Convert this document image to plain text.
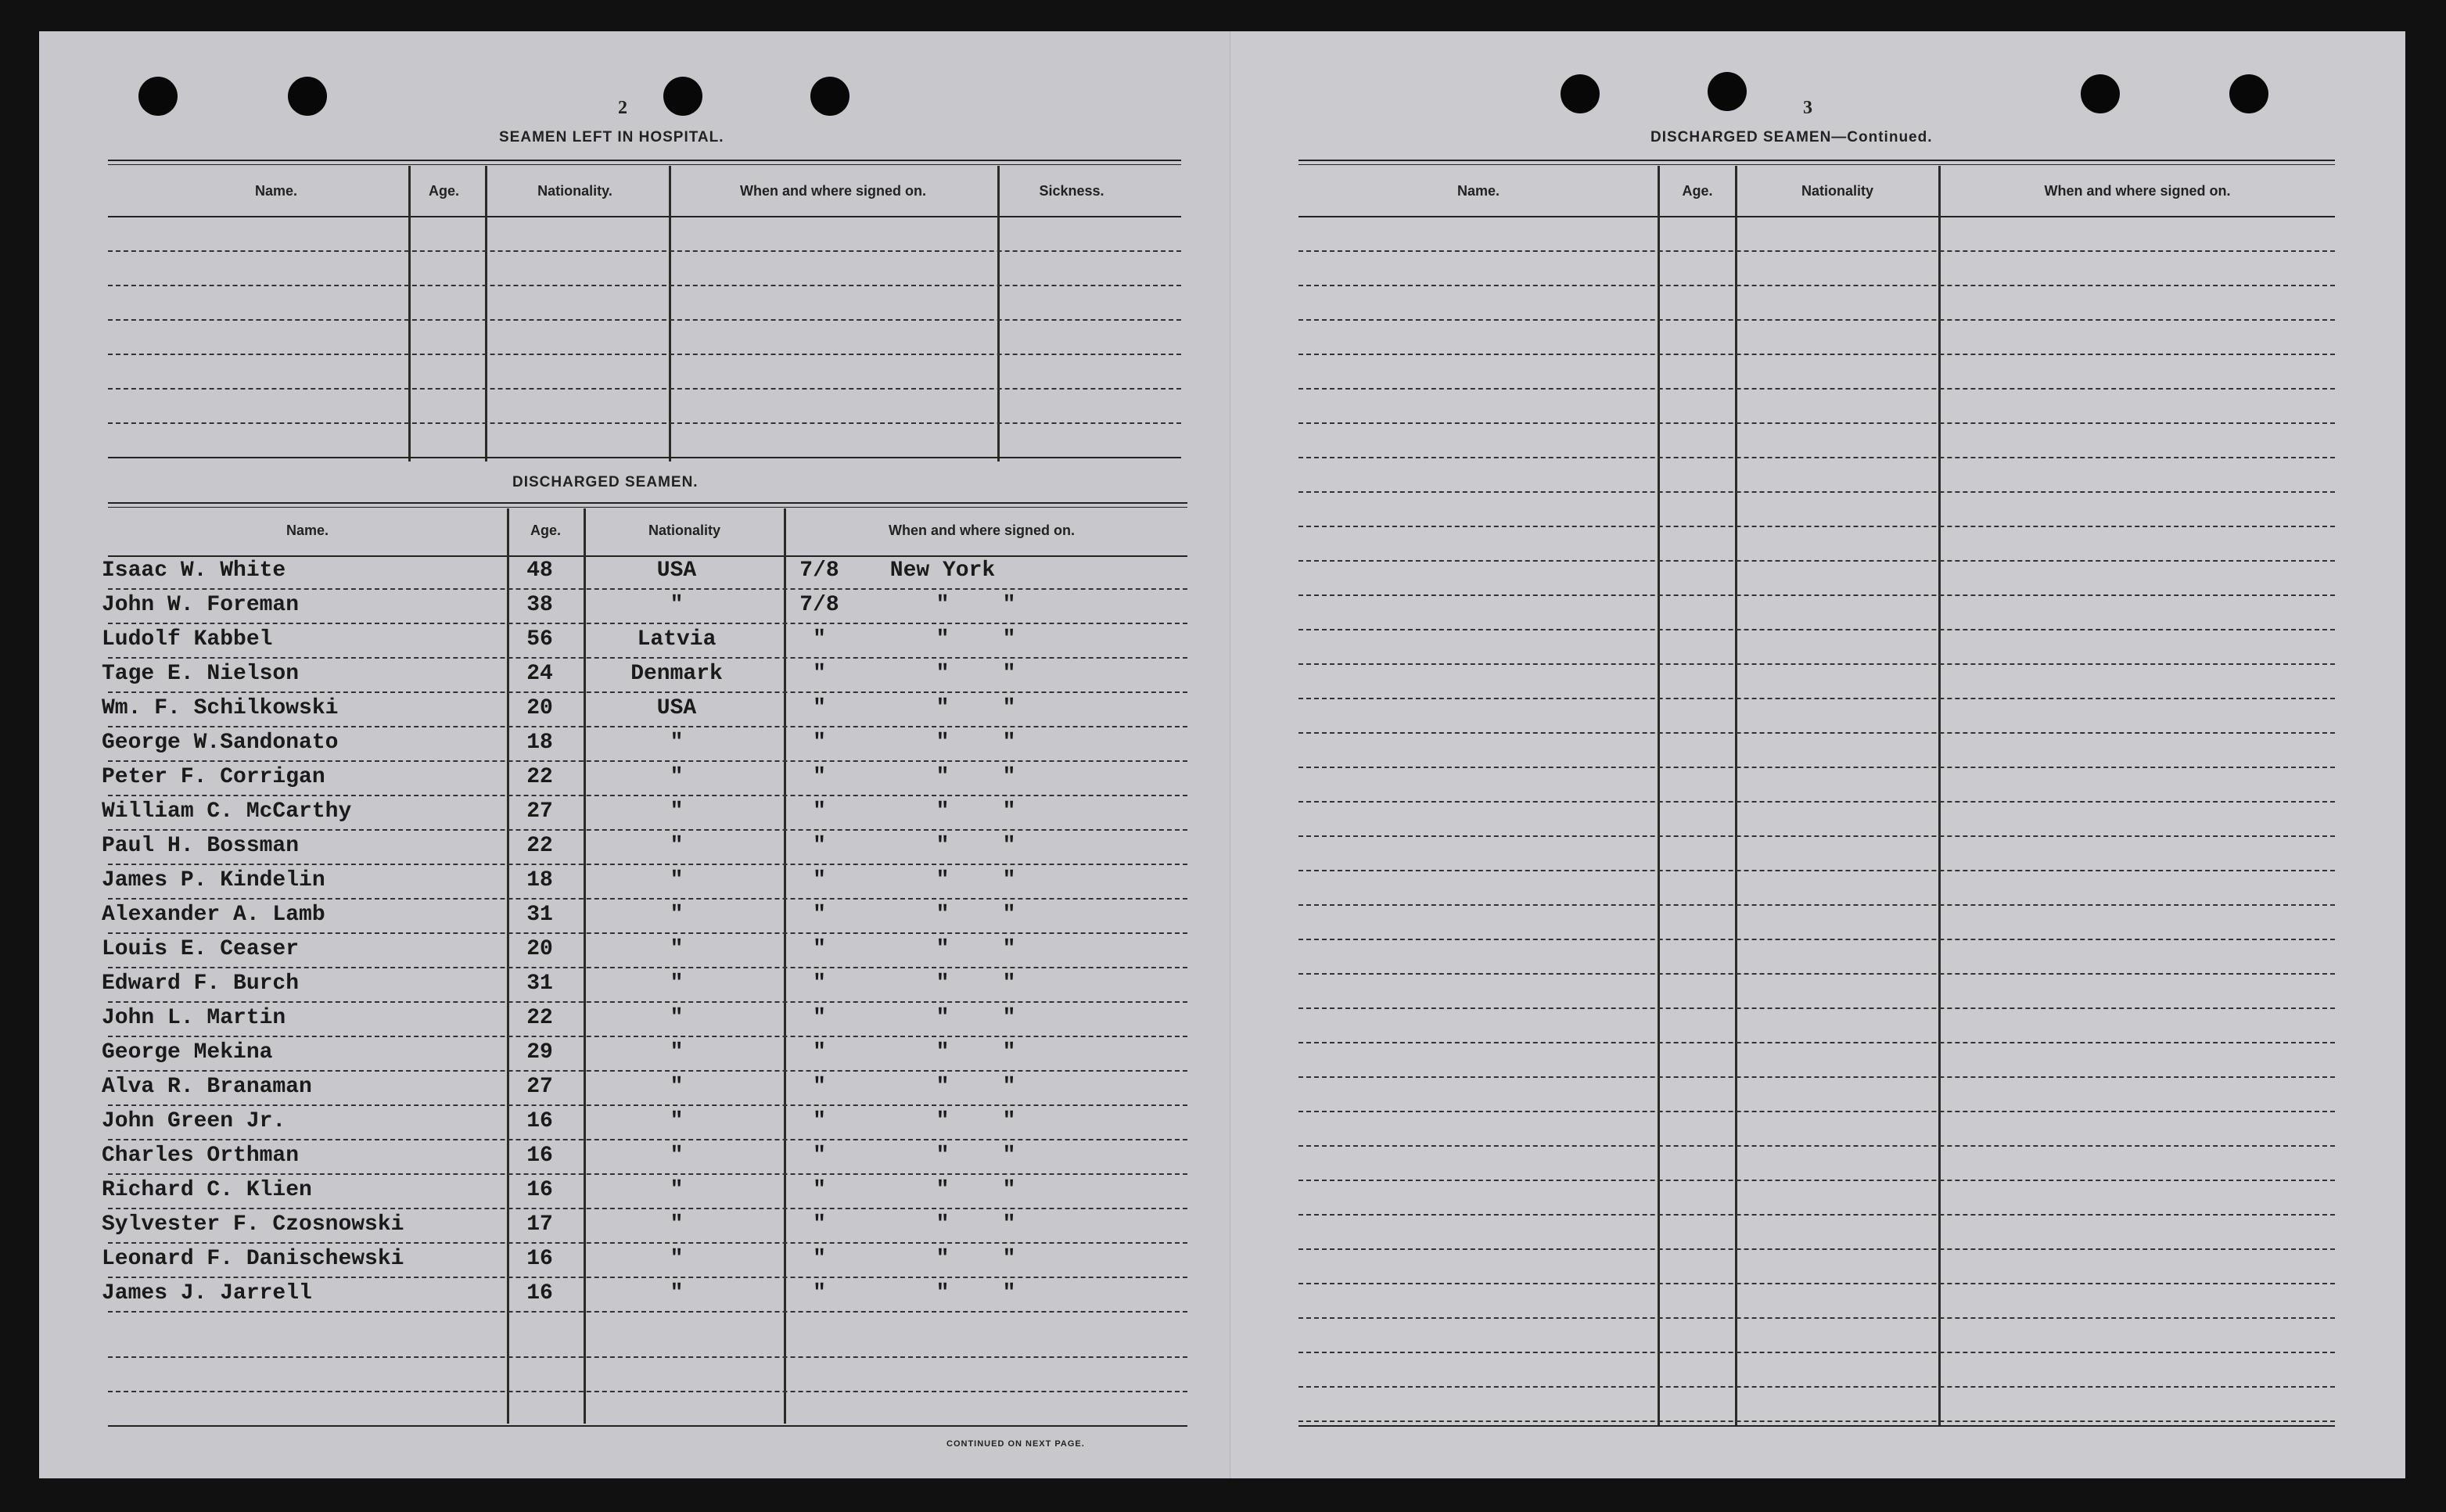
2
SEAMEN LEFT IN HOSPITAL.
Name.	Age.	Nationality.	When and where signed on.	Sickness.
DISCHARGED SEAMEN.
Name.	Age.	Nationality	When and where signed on.
Isaac W. White	48	USA	7/8	New York
John W. Foreman	38	"	7/8	"	"
Ludolf Kabbel	56	Latvia	"	"	"
Tage E. Nielson	24	Denmark	"	"	"
Wm. F. Schilkowski	20	USA	"	"	"
George W.Sandonato	18	"	"	"	"
Peter F. Corrigan	22	"	"	"	"
William C. McCarthy	27	"	"	"	"
Paul H. Bossman	22	"	"	"	"
James P. Kindelin	18	"	"	"	"
Alexander A. Lamb	31	"	"	"	"
Louis E. Ceaser	20	"	"	"	"
Edward F. Burch	31	"	"	"	"
John L. Martin	22	"	"	"	"
George Mekina	29	"	"	"	"
Alva R. Branaman	27	"	"	"	"
John Green Jr.	16	"	"	"	"
Charles Orthman	16	"	"	"	"
Richard C. Klien	16	"	"	"	"
Sylvester F. Czosnowski	17	"	"	"	"
Leonard F. Danischewski	16	"	"	"	"
James J. Jarrell	16	"	"	"	"
CONTINUED ON NEXT PAGE.
3
DISCHARGED SEAMEN—Continued.
Name.	Age.	Nationality	When and where signed on.
